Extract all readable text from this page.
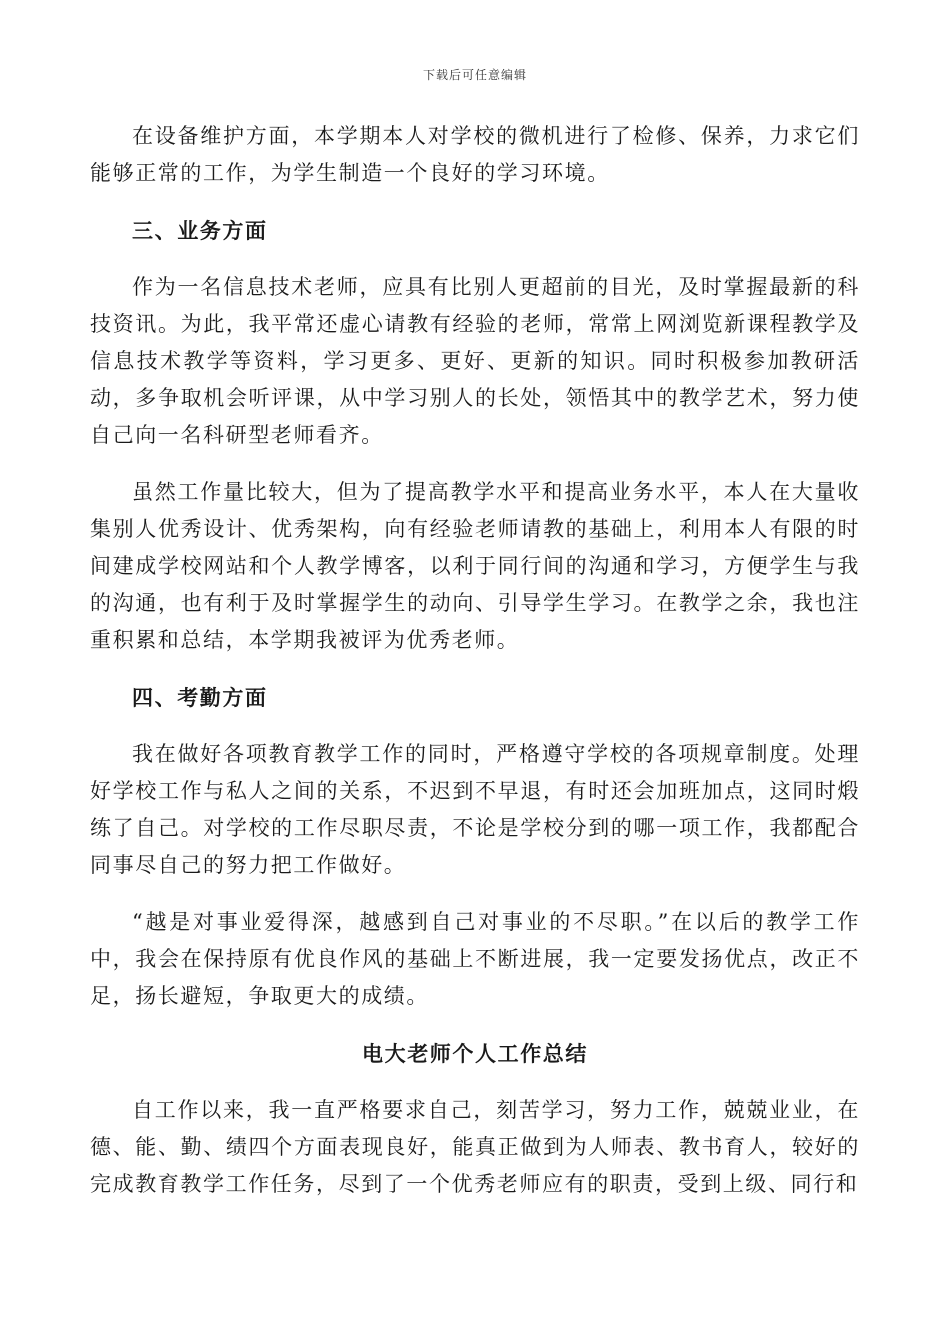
下载后可任意编辑

在设备维护方面，本学期本人对学校的微机进行了检修、保养，力求它们能够正常的工作，为学生制造一个良好的学习环境。

三、业务方面

作为一名信息技术老师，应具有比别人更超前的目光，及时掌握最新的科技资讯。为此，我平常还虚心请教有经验的老师，常常上网浏览新课程教学及信息技术教学等资料，学习更多、更好、更新的知识。同时积极参加教研活动，多争取机会听评课，从中学习别人的长处，领悟其中的教学艺术，努力使自己向一名科研型老师看齐。

虽然工作量比较大，但为了提高教学水平和提高业务水平，本人在大量收集别人优秀设计、优秀架构，向有经验老师请教的基础上，利用本人有限的时间建成学校网站和个人教学博客，以利于同行间的沟通和学习，方便学生与我的沟通，也有利于及时掌握学生的动向、引导学生学习。在教学之余，我也注重积累和总结，本学期我被评为优秀老师。

四、考勤方面

我在做好各项教育教学工作的同时，严格遵守学校的各项规章制度。处理好学校工作与私人之间的关系，不迟到不早退，有时还会加班加点，这同时煅练了自己。对学校的工作尽职尽责，不论是学校分到的哪一项工作，我都配合同事尽自己的努力把工作做好。

“越是对事业爱得深，越感到自己对事业的不尽职。”在以后的教学工作中，我会在保持原有优良作风的基础上不断进展，我一定要发扬优点，改正不足，扬长避短，争取更大的成绩。

电大老师个人工作总结

自工作以来，我一直严格要求自己，刻苦学习，努力工作，兢兢业业，在德、能、勤、绩四个方面表现良好，能真正做到为人师表、教书育人，较好的完成教育教学工作任务，尽到了一个优秀老师应有的职责，受到上级、同行和
